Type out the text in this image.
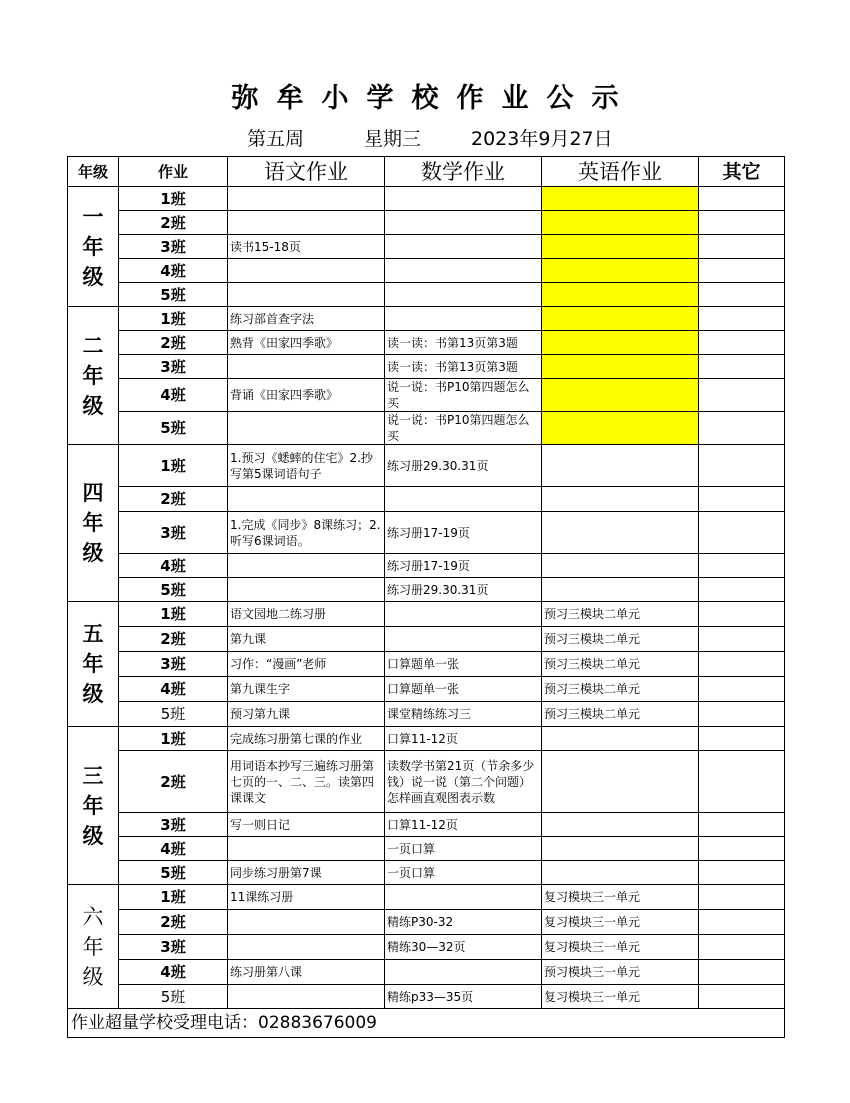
弥牟小学校作业公示
第五周	星期三	2023年9月27日
年级	作业	语文作业	数学作业	英语作业	其它
一年级	1班				
	2班				
	3班	读书15-18页			
	4班				
	5班				
二年级	1班	练习部首查字法			
	2班	熟背《田家四季歌》	读一读：书第13页第3题		
	3班		读一读：书第13页第3题		
	4班	背诵《田家四季歌》	说一说：书P10第四题怎么买		
	5班		说一说：书P10第四题怎么买		
四年级	1班	1.预习《蟋蟀的住宅》2.抄写第5课词语句子	练习册29.30.31页		
	2班				
	3班	1.完成《同步》8课练习；2.听写6课词语。	练习册17-19页		
	4班		练习册17-19页		
	5班		练习册29.30.31页		
五年级	1班	语文园地二练习册		预习三模块二单元	
	2班	第九课		预习三模块二单元	
	3班	习作：“漫画”老师	口算题单一张	预习三模块二单元	
	4班	第九课生字	口算题单一张	预习三模块二单元	
	5班	预习第九课	课堂精练练习三	预习三模块二单元	
三年级	1班	完成练习册第七课的作业	口算11-12页		
	2班	用词语本抄写三遍练习册第七页的一、二、三。读第四课课文	读数学书第21页（节余多少钱）说一说（第二个问题）怎样画直观图表示数		
	3班	写一则日记	口算11-12页		
	4班		一页口算		
	5班	同步练习册第7课	一页口算		
六年级	1班	11课练习册		复习模块三一单元	
	2班		精练P30-32	复习模块三一单元	
	3班		精练30—32页	复习模块三一单元	
	4班	练习册第八课		预习模块三一单元	
	5班		精练p33—35页	复习模块三一单元	
作业超量学校受理电话：02883676009					
